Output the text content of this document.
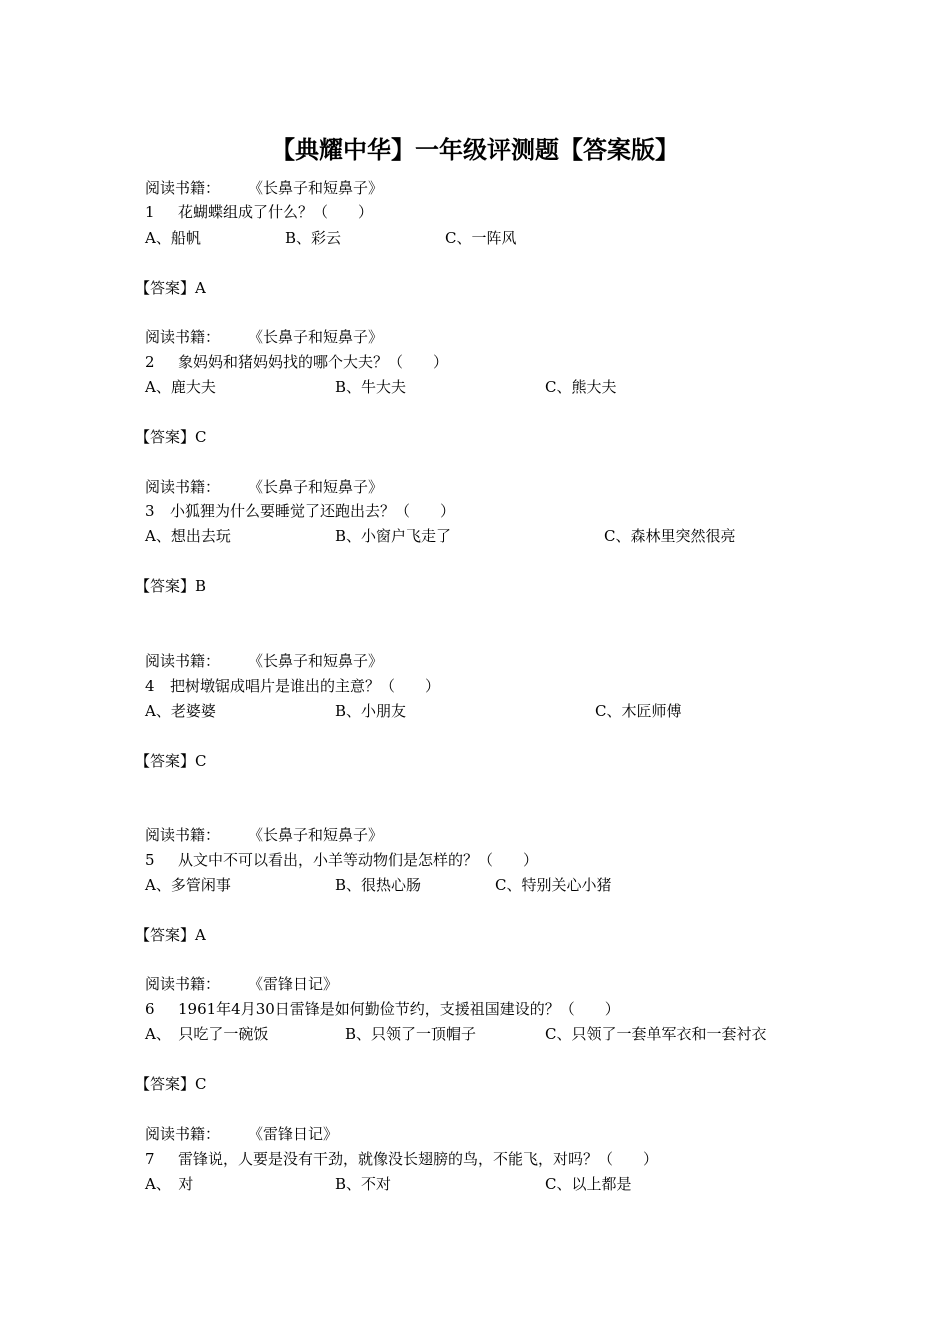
【典耀中华】一年级评测题【答案版】
阅读书籍： 《长鼻子和短鼻子》
1 花蝴蝶组成了什么？（　　）
A、船帆	B、彩云	C、一阵风
【答案】A
阅读书籍： 《长鼻子和短鼻子》
2 象妈妈和猪妈妈找的哪个大夫？（　　）
A、鹿大夫	B、牛大夫	C、熊大夫
【答案】C
阅读书籍： 《长鼻子和短鼻子》
3 小狐狸为什么要睡觉了还跑出去？（　　）
A、想出去玩	B、小窗户飞走了	C、森林里突然很亮
【答案】B
阅读书籍： 《长鼻子和短鼻子》
4 把树墩锯成唱片是谁出的主意？（　　）
A、老婆婆	B、小朋友	C、木匠师傅
【答案】C
阅读书籍： 《长鼻子和短鼻子》
5 从文中不可以看出，小羊等动物们是怎样的？（　　）
A、多管闲事	B、很热心肠	C、特别关心小猪
【答案】A
阅读书籍： 《雷锋日记》
6 1961年4月30日雷锋是如何勤俭节约，支援祖国建设的？（　　）
A、　只吃了一碗饭	B、只领了一顶帽子	C、只领了一套单军衣和一套衬衣
【答案】C
阅读书籍： 《雷锋日记》
7 雷锋说，人要是没有干劲，就像没长翅膀的鸟，不能飞，对吗？（　　）
A、　对	B、不对	C、以上都是
